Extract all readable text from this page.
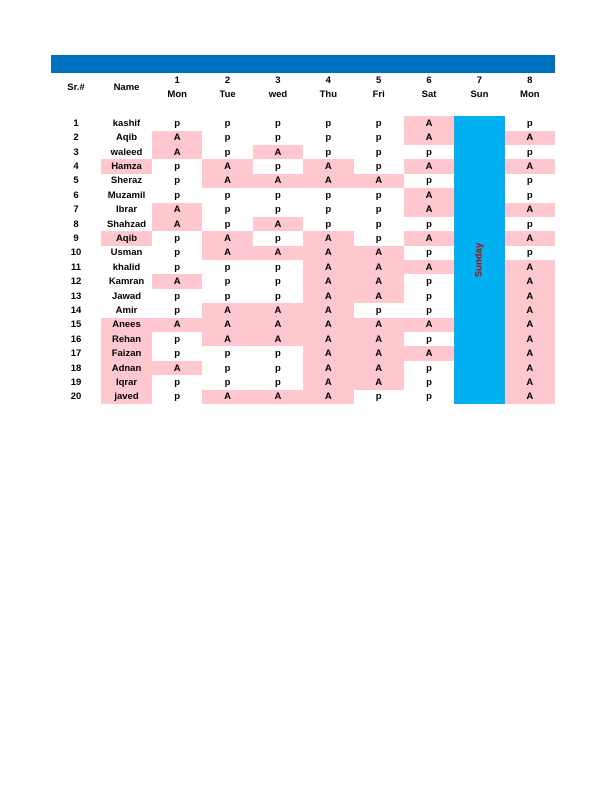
Sr.#	Name	1	2	3	4	5	6	7	8
		Mon	Tue	wed	Thu	Fri	Sat	Sun	Mon

1	kashif	p	p	p	p	p	A	Sunday	p
2	Aqib	A	p	p	p	p	A		A
3	waleed	A	p	A	p	p	p		p
4	Hamza	p	A	p	A	p	A		A
5	Sheraz	p	A	A	A	A	p		p
6	Muzamil	p	p	p	p	p	A		p
7	Ibrar	A	p	p	p	p	A		A
8	Shahzad	A	p	A	p	p	p		p
9	Aqib	p	A	p	A	p	A		A
10	Usman	p	A	A	A	A	p		p
11	khalid	p	p	p	A	A	A		A
12	Kamran	A	p	p	A	A	p		A
13	Jawad	p	p	p	A	A	p		A
14	Amir	p	A	A	A	p	p		A
15	Anees	A	A	A	A	A	A		A
16	Rehan	p	A	A	A	A	p		A
17	Faizan	p	p	p	A	A	A		A
18	Adnan	A	p	p	A	A	p		A
19	Iqrar	p	p	p	A	A	p		A
20	javed	p	A	A	A	p	p		A
